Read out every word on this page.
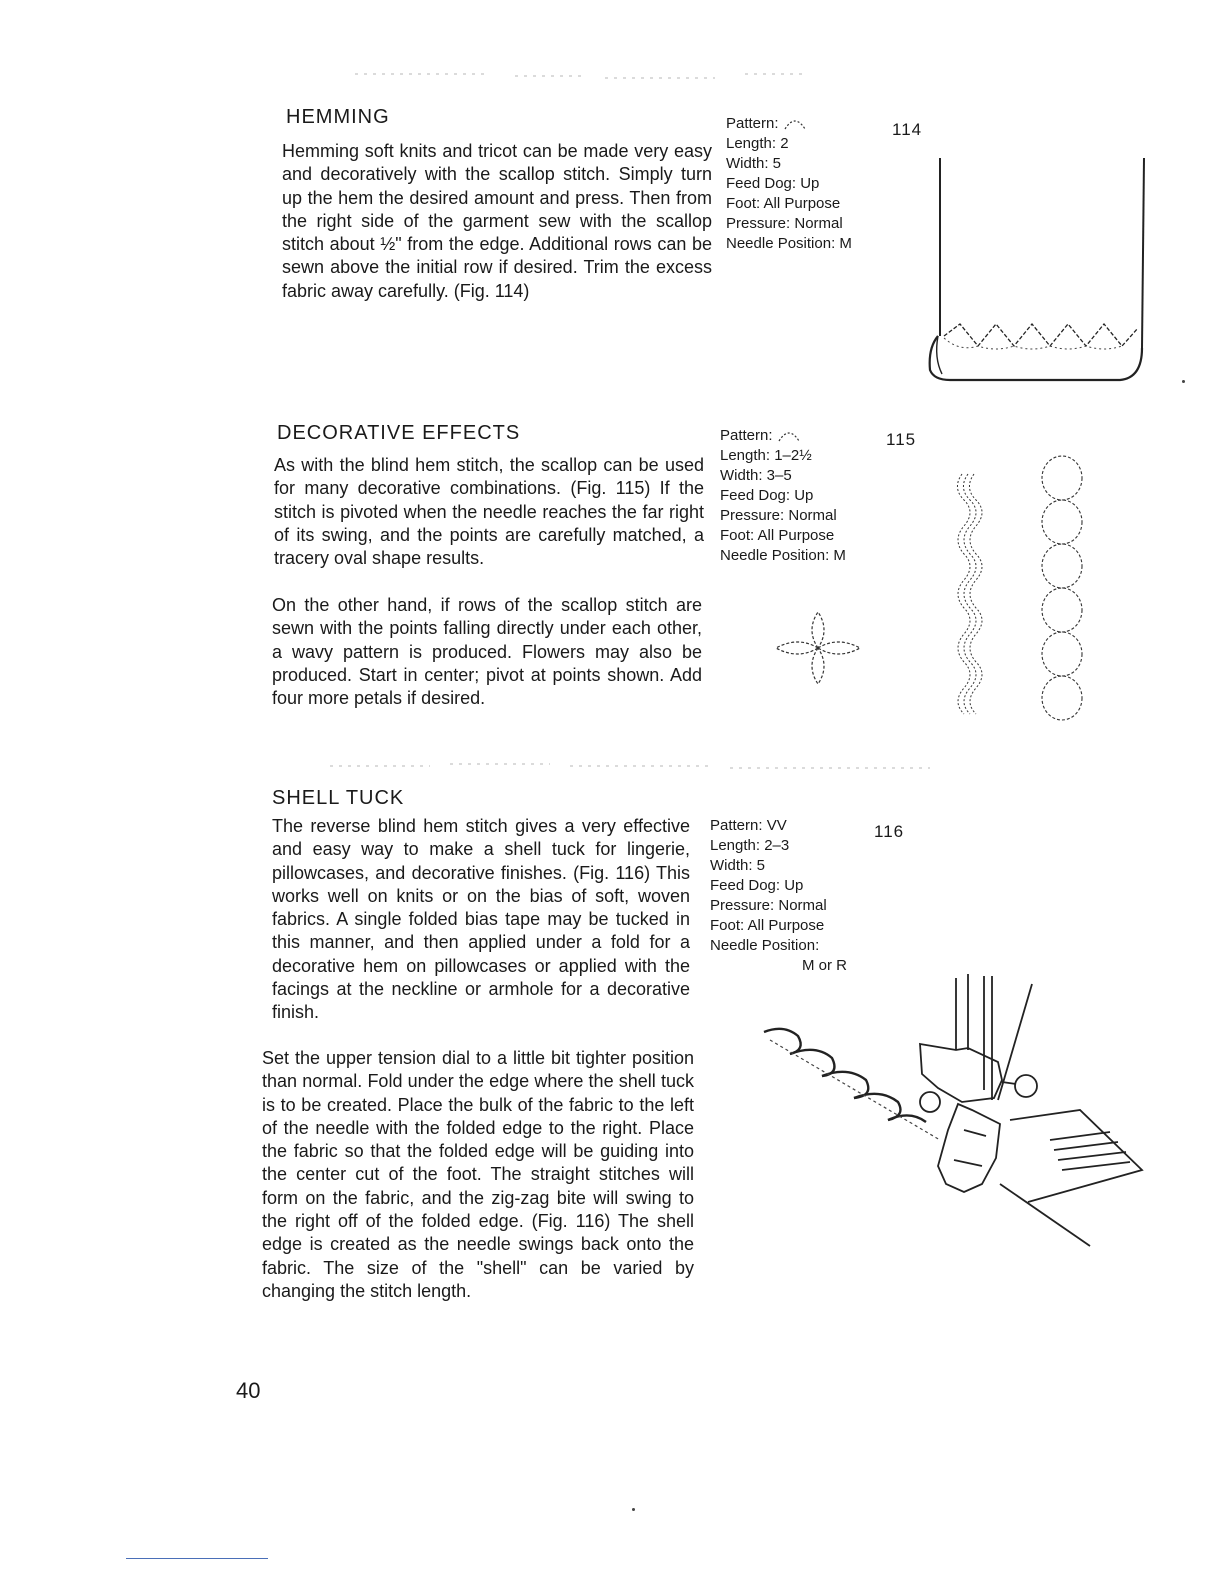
HEMMING
Hemming soft knits and tricot can be made very easy and decoratively with the scallop stitch. Simply turn up the hem the desired amount and press. Then from the right side of the garment sew with the scallop stitch about ½" from the edge. Additional rows can be sewn above the initial row if desired. Trim the excess fabric away carefully. (Fig. 114)
Pattern:
Length: 2
Width: 5
Feed Dog: Up
Foot: All Purpose
Pressure: Normal
Needle Position: M
114
DECORATIVE EFFECTS
As with the blind hem stitch, the scallop can be used for many decorative combinations. (Fig. 115) If the stitch is pivoted when the needle reaches the far right of its swing, and the points are carefully matched, a tracery oval shape results.
On the other hand, if rows of the scallop stitch are sewn with the points falling directly under each other, a wavy pattern is produced. Flowers may also be produced. Start in center; pivot at points shown. Add four more petals if desired.
Pattern:
Length: 1–2½
Width: 3–5
Feed Dog: Up
Pressure: Normal
Foot: All Purpose
Needle Position: M
115
SHELL TUCK
The reverse blind hem stitch gives a very effective and easy way to make a shell tuck for lingerie, pillowcases, and decorative finishes. (Fig. 116) This works well on knits or on the bias of soft, woven fabrics. A single folded bias tape may be tucked in this manner, and then applied under a fold for a decorative hem on pillowcases or applied with the facings at the neckline or armhole for a decorative finish.
Set the upper tension dial to a little bit tighter position than normal. Fold under the edge where the shell tuck is to be created. Place the bulk of the fabric to the left of the needle with the folded edge to the right. Place the fabric so that the folded edge will be guiding into the center cut of the foot. The straight stitches will form on the fabric, and the zig-zag bite will swing to the right off of the folded edge. (Fig. 116) The shell edge is created as the needle swings back onto the fabric. The size of the "shell" can be varied by changing the stitch length.
Pattern: VV
Length: 2–3
Width: 5
Feed Dog: Up
Pressure: Normal
Foot: All Purpose
Needle Position:
M or R
116
40
